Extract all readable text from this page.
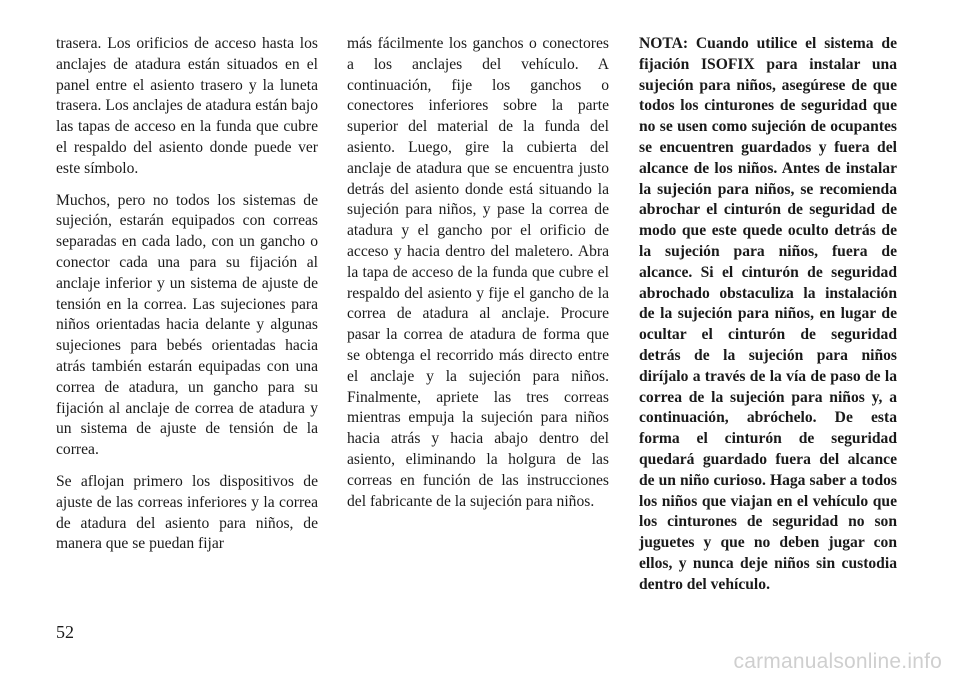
trasera. Los orificios de acceso hasta los anclajes de atadura están situados en el panel entre el asiento trasero y la luneta trasera. Los anclajes de atadura están bajo las tapas de acceso en la funda que cubre el respaldo del asiento donde puede ver este símbolo.

Muchos, pero no todos los sistemas de sujeción, estarán equipados con correas separadas en cada lado, con un gancho o conector cada una para su fijación al anclaje inferior y un sistema de ajuste de tensión en la correa. Las sujeciones para niños orientadas hacia delante y algunas sujeciones para bebés orientadas hacia atrás también estarán equipadas con una correa de atadura, un gancho para su fijación al anclaje de correa de atadura y un sistema de ajuste de tensión de la correa.

Se aflojan primero los dispositivos de ajuste de las correas inferiores y la correa de atadura del asiento para niños, de manera que se puedan fijar

más fácilmente los ganchos o conectores a los anclajes del vehículo. A continuación, fije los ganchos o conectores inferiores sobre la parte superior del material de la funda del asiento. Luego, gire la cubierta del anclaje de atadura que se encuentra justo detrás del asiento donde está situando la sujeción para niños, y pase la correa de atadura y el gancho por el orificio de acceso y hacia dentro del maletero. Abra la tapa de acceso de la funda que cubre el respaldo del asiento y fije el gancho de la correa de atadura al anclaje. Procure pasar la correa de atadura de forma que se obtenga el recorrido más directo entre el anclaje y la sujeción para niños. Finalmente, apriete las tres correas mientras empuja la sujeción para niños hacia atrás y hacia abajo dentro del asiento, eliminando la holgura de las correas en función de las instrucciones del fabricante de la sujeción para niños.

NOTA: Cuando utilice el sistema de fijación ISOFIX para instalar una sujeción para niños, asegúrese de que todos los cinturones de seguridad que no se usen como sujeción de ocupantes se encuentren guardados y fuera del alcance de los niños. Antes de instalar la sujeción para niños, se recomienda abrochar el cinturón de seguridad de modo que este quede oculto detrás de la sujeción para niños, fuera de alcance. Si el cinturón de seguridad abrochado obstaculiza la instalación de la sujeción para niños, en lugar de ocultar el cinturón de seguridad detrás de la sujeción para niños diríjalo a través de la vía de paso de la correa de la sujeción para niños y, a continuación, abróchelo. De esta forma el cinturón de seguridad quedará guardado fuera del alcance de un niño curioso. Haga saber a todos los niños que viajan en el vehículo que los cinturones de seguridad no son juguetes y que no deben jugar con ellos, y nunca deje niños sin custodia dentro del vehículo.

52
carmanualsonline.info
